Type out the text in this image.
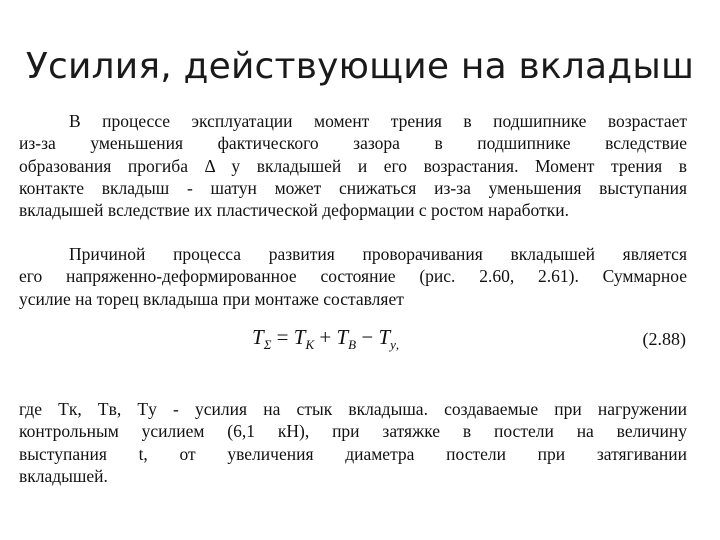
Усилия, действующие на вкладыш
В процессе эксплуатации момент трения в подшипнике возрастает
из-за уменьшения фактического зазора в подшипнике вследствие
образования прогиба Δ у вкладышей и его возрастания. Момент трения в
контакте вкладыш - шатун может снижаться из-за уменьшения выступания
вкладышей вследствие их пластической деформации с ростом наработки.
Причиной процесса развития проворачивания вкладышей является
его напряженно-деформированное состояние (рис. 2.60, 2.61). Суммарное
усилие на торец вкладыша при монтаже составляет
$T_\Sigma = T_K + T_B - T_{y,}$	(2.88)
где Tк, Tв, Tу - усилия на стык вкладыша. создаваемые при нагружении
контрольным усилием (6,1 кН), при затяжке в постели на величину
выступания t, от увеличения диаметра постели при затягивании
вкладышей.
